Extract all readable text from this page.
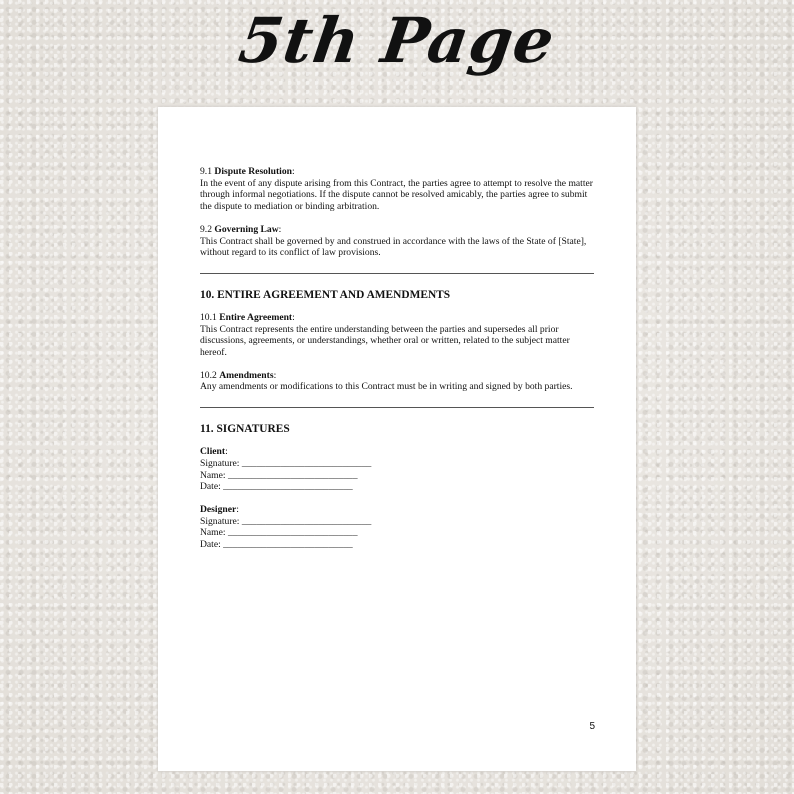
5th Page
9.1 Dispute Resolution:
In the event of any dispute arising from this Contract, the parties agree to attempt to resolve the matter through informal negotiations. If the dispute cannot be resolved amicably, the parties agree to submit the dispute to mediation or binding arbitration.
9.2 Governing Law:
This Contract shall be governed by and construed in accordance with the laws of the State of [State], without regard to its conflict of law provisions.
10. ENTIRE AGREEMENT AND AMENDMENTS
10.1 Entire Agreement:
This Contract represents the entire understanding between the parties and supersedes all prior discussions, agreements, or understandings, whether oral or written, related to the subject matter hereof.
10.2 Amendments:
Any amendments or modifications to this Contract must be in writing and signed by both parties.
11. SIGNATURES
Client:

Signature: ___________________________
Name: ___________________________
Date: ___________________________
Designer:

Signature: ___________________________
Name: ___________________________
Date: ___________________________
5
